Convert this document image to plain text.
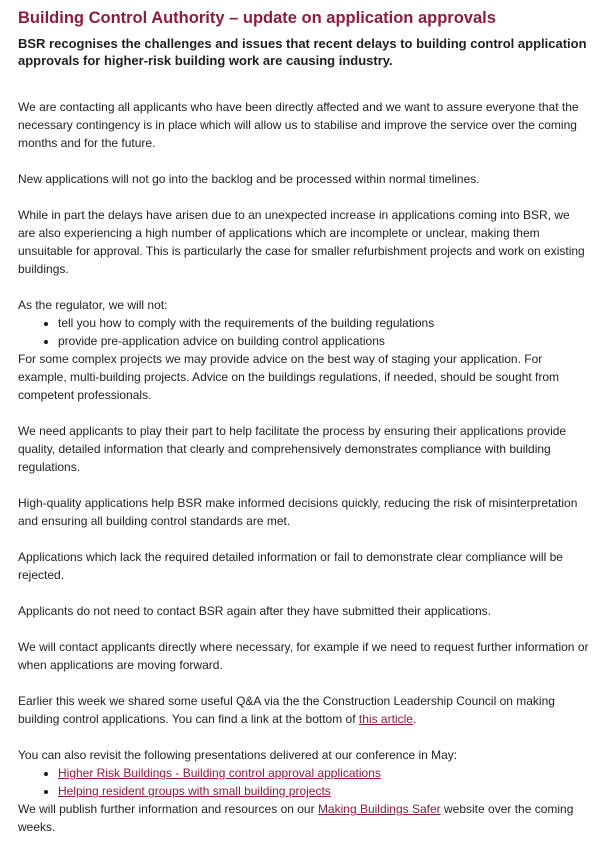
Building Control Authority – update on application approvals

BSR recognises the challenges and issues that recent delays to building control application approvals for higher-risk building work are causing industry.

We are contacting all applicants who have been directly affected and we want to assure everyone that the necessary contingency is in place which will allow us to stabilise and improve the service over the coming months and for the future.

New applications will not go into the backlog and be processed within normal timelines.

While in part the delays have arisen due to an unexpected increase in applications coming into BSR, we are also experiencing a high number of applications which are incomplete or unclear, making them unsuitable for approval. This is particularly the case for smaller refurbishment projects and work on existing buildings.

As the regulator, we will not:

• tell you how to comply with the requirements of the building regulations
• provide pre-application advice on building control applications

For some complex projects we may provide advice on the best way of staging your application. For example, multi-building projects. Advice on the buildings regulations, if needed, should be sought from competent professionals.

We need applicants to play their part to help facilitate the process by ensuring their applications provide quality, detailed information that clearly and comprehensively demonstrates compliance with building regulations.

High-quality applications help BSR make informed decisions quickly, reducing the risk of misinterpretation and ensuring all building control standards are met.

Applications which lack the required detailed information or fail to demonstrate clear compliance will be rejected.

Applicants do not need to contact BSR again after they have submitted their applications.

We will contact applicants directly where necessary, for example if we need to request further information or when applications are moving forward.

Earlier this week we shared some useful Q&A via the the Construction Leadership Council on making building control applications. You can find a link at the bottom of this article.

You can also revisit the following presentations delivered at our conference in May:

• Higher Risk Buildings - Building control approval applications
• Helping resident groups with small building projects

We will publish further information and resources on our Making Buildings Safer website over the coming weeks.
